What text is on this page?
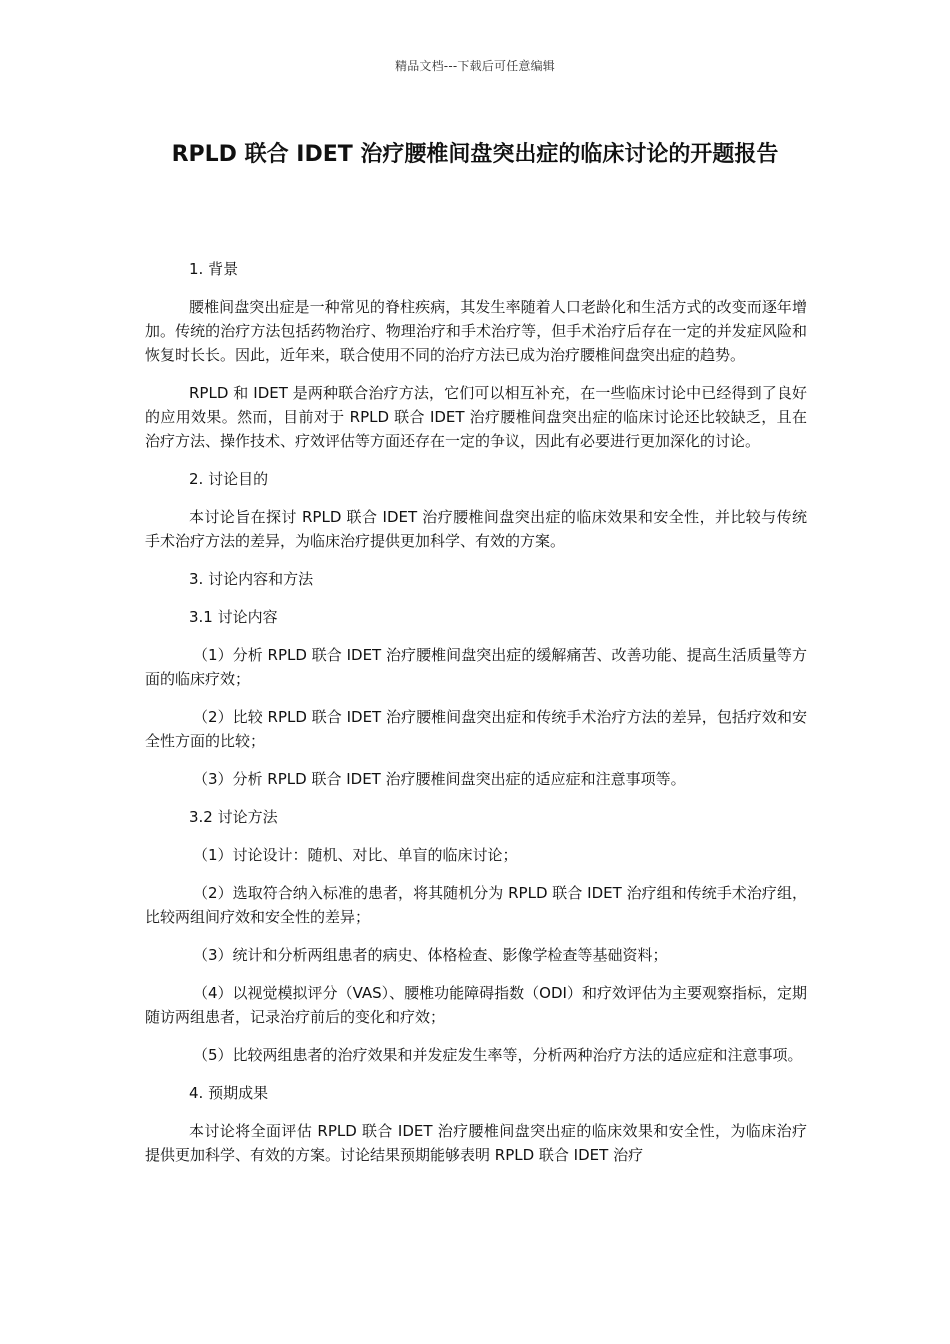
精品文档---下载后可任意编辑
RPLD 联合 IDET 治疗腰椎间盘突出症的临床讨论的开题报告

1. 背景

腰椎间盘突出症是一种常见的脊柱疾病，其发生率随着人口老龄化和生活方式的改变而逐年增加。传统的治疗方法包括药物治疗、物理治疗和手术治疗等，但手术治疗后存在一定的并发症风险和恢复时长长。因此，近年来，联合使用不同的治疗方法已成为治疗腰椎间盘突出症的趋势。

RPLD 和 IDET 是两种联合治疗方法，它们可以相互补充，在一些临床讨论中已经得到了良好的应用效果。然而，目前对于 RPLD 联合 IDET 治疗腰椎间盘突出症的临床讨论还比较缺乏，且在治疗方法、操作技术、疗效评估等方面还存在一定的争议，因此有必要进行更加深化的讨论。

2. 讨论目的

本讨论旨在探讨 RPLD 联合 IDET 治疗腰椎间盘突出症的临床效果和安全性，并比较与传统手术治疗方法的差异，为临床治疗提供更加科学、有效的方案。

3. 讨论内容和方法

3.1 讨论内容

（1）分析 RPLD 联合 IDET 治疗腰椎间盘突出症的缓解痛苦、改善功能、提高生活质量等方面的临床疗效；

（2）比较 RPLD 联合 IDET 治疗腰椎间盘突出症和传统手术治疗方法的差异，包括疗效和安全性方面的比较；

（3）分析 RPLD 联合 IDET 治疗腰椎间盘突出症的适应症和注意事项等。

3.2 讨论方法

（1）讨论设计：随机、对比、单盲的临床讨论；

（2）选取符合纳入标准的患者，将其随机分为 RPLD 联合 IDET 治疗组和传统手术治疗组，比较两组间疗效和安全性的差异；

（3）统计和分析两组患者的病史、体格检查、影像学检查等基础资料；

（4）以视觉模拟评分（VAS）、腰椎功能障碍指数（ODI）和疗效评估为主要观察指标，定期随访两组患者，记录治疗前后的变化和疗效；

（5）比较两组患者的治疗效果和并发症发生率等，分析两种治疗方法的适应症和注意事项。

4. 预期成果

本讨论将全面评估 RPLD 联合 IDET 治疗腰椎间盘突出症的临床效果和安全性，为临床治疗提供更加科学、有效的方案。讨论结果预期能够表明 RPLD 联合 IDET 治疗
